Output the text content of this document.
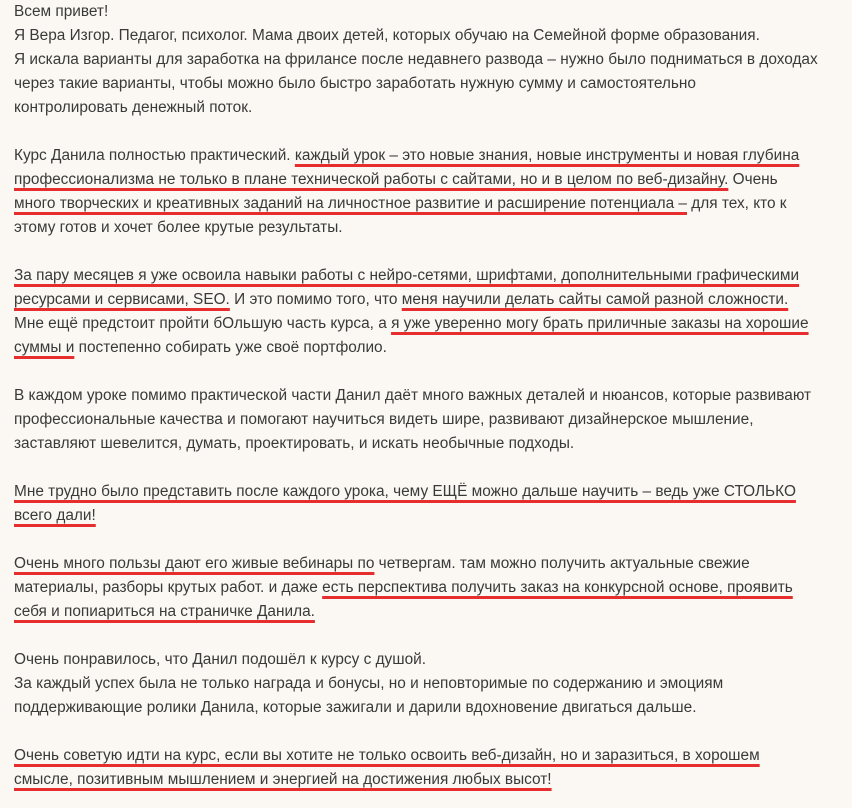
Всем привет!
Я Вера Изгор. Педагог, психолог. Мама двоих детей, которых обучаю на Семейной форме образования.
Я искала варианты для заработка на фрилансе после недавнего развода – нужно было подниматься в доходах
через такие варианты, чтобы можно было быстро заработать нужную сумму и самостоятельно
контролировать денежный поток.

Курс Данила полностью практический. каждый урок – это новые знания, новые инструменты и новая глубина
профессионализма не только в плане технической работы с сайтами, но и в целом по веб-дизайну. Очень
много творческих и креативных заданий на личностное развитие и расширение потенциала – для тех, кто к
этому готов и хочет более крутые результаты.

За пару месяцев я уже освоила навыки работы с нейро-сетями, шрифтами, дополнительными графическими
ресурсами и сервисами, SEO. И это помимо того, что меня научили делать сайты самой разной сложности.
Мне ещё предстоит пройти бОльшую часть курса, а я уже уверенно могу брать приличные заказы на хорошие
суммы и постепенно собирать уже своё портфолио.

В каждом уроке помимо практической части Данил даёт много важных деталей и нюансов, которые развивают
профессиональные качества и помогают научиться видеть шире, развивают дизайнерское мышление,
заставляют шевелится, думать, проектировать, и искать необычные подходы.

Мне трудно было представить после каждого урока, чему ЕЩЁ можно дальше научить – ведь уже СТОЛЬКО
всего дали!

Очень много пользы дают его живые вебинары по четвергам. там можно получить актуальные свежие
материалы, разборы крутых работ. и даже есть перспектива получить заказ на конкурсной основе, проявить
себя и попиариться на страничке Данила.

Очень понравилось, что Данил подошёл к курсу с душой.
За каждый успех была не только награда и бонусы, но и неповторимые по содержанию и эмоциям
поддерживающие ролики Данила, которые зажигали и дарили вдохновение двигаться дальше.

Очень советую идти на курс, если вы хотите не только освоить веб-дизайн, но и заразиться, в хорошем
смысле, позитивным мышлением и энергией на достижения любых высот!
